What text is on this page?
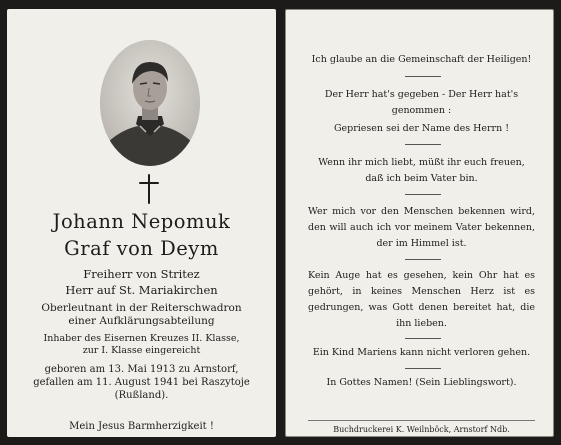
Johann Nepomuk
Graf von Deym
Freiherr von Stritez
Herr auf St. Mariakirchen
Oberleutnant in der Reiterschwadron
einer Aufklärungsabteilung
Inhaber des Eisernen Kreuzes II. Klasse,
zur I. Klasse eingereicht
geboren am 13. Mai 1913 zu Arnstorf,
gefallen am 11. August 1941 bei Raszytoje
(Rußland).
Mein Jesus Barmherzigkeit !
Ich glaube an die Gemeinschaft der Heiligen!
Der Herr hat's gegeben - Der Herr hat's genommen :
Gepriesen sei der Name des Herrn !
Wenn ihr mich liebt, müßt ihr euch freuen, daß ich beim Vater bin.
Wer mich vor den Menschen bekennen wird, den will auch ich vor meinem Vater bekennen, der im Himmel ist.
Kein Auge hat es gesehen, kein Ohr hat es gehört, in keines Menschen Herz ist es gedrungen, was Gott denen bereitet hat, die ihn lieben.
Ein Kind Mariens kann nicht verloren gehen.
In Gottes Namen! (Sein Lieblingswort).
Buchdruckerei K. Weilnböck, Arnstorf Ndb.
